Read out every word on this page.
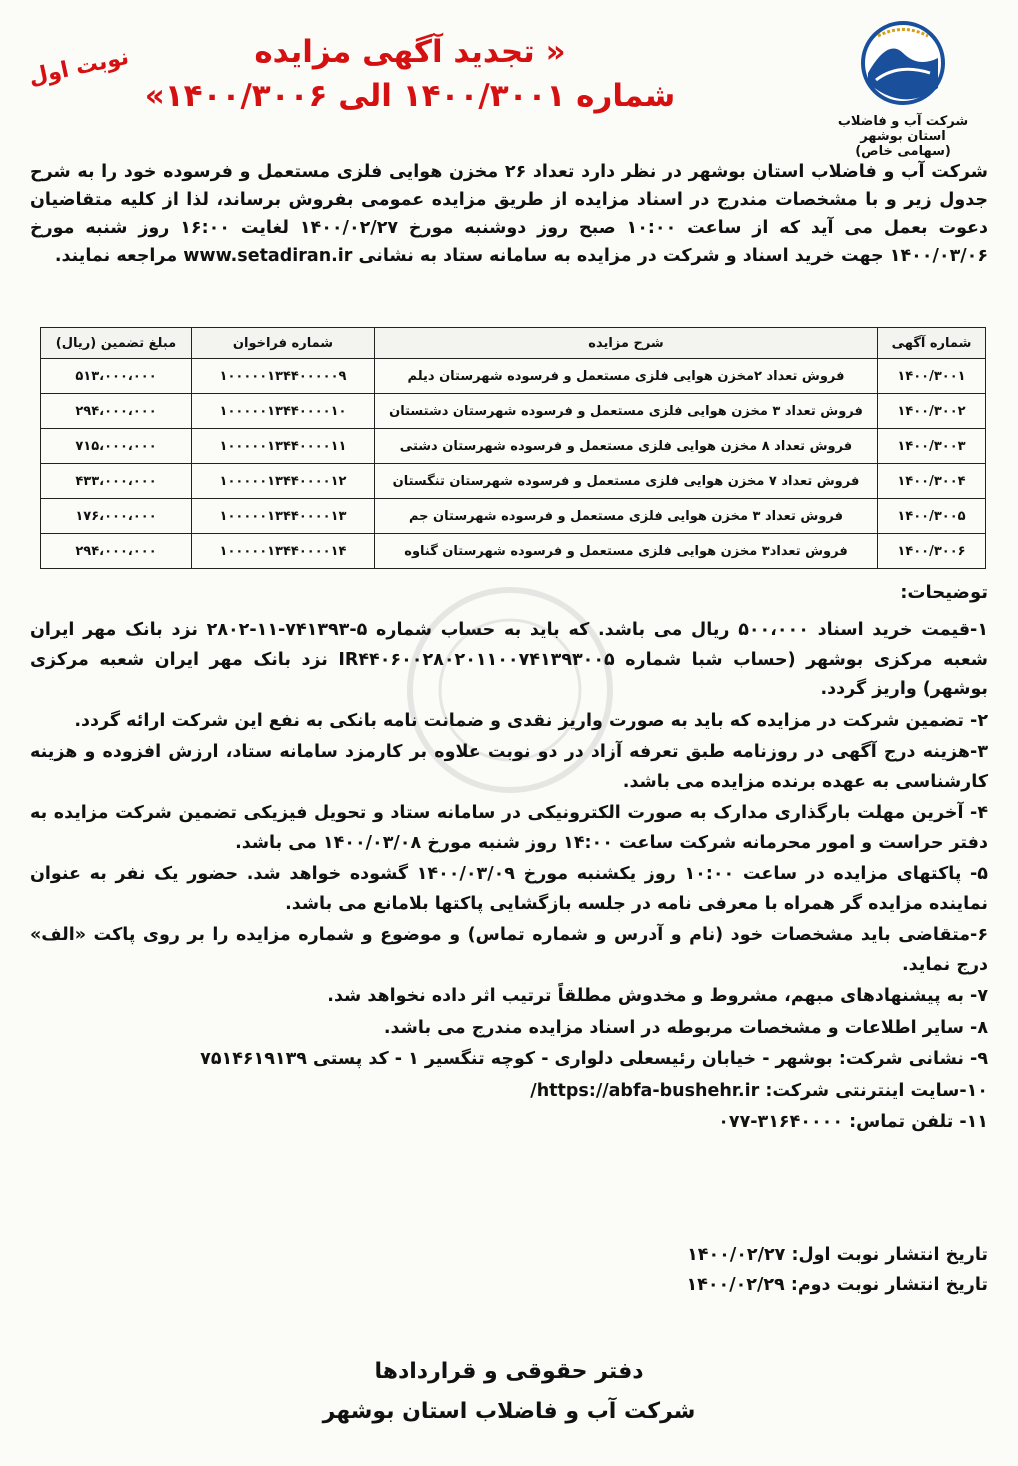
شرکت آب و فاضلاب استان بوشهر
(سهامی خاص)
« تجدید آگهی مزایده
شماره ۱۴۰۰/۳۰۰۱ الی ۱۴۰۰/۳۰۰۶»
نوبت اول
شرکت آب و فاضلاب استان بوشهر در نظر دارد تعداد ۲۶ مخزن هوایی فلزی مستعمل و فرسوده خود را به شرح جدول زیر و با مشخصات مندرج در اسناد مزایده از طریق مزایده عمومی بفروش برساند، لذا از کلیه متقاضیان دعوت بعمل می آید که از ساعت ۱۰:۰۰ صبح روز دوشنبه مورخ ۱۴۰۰/۰۲/۲۷ لغایت ۱۶:۰۰ روز شنبه مورخ ۱۴۰۰/۰۳/۰۶ جهت خرید اسناد و شرکت در مزایده به سامانه ستاد به نشانی www.setadiran.ir مراجعه نمایند.
شماره آگهی	شرح مزایده	شماره فراخوان	مبلغ تضمین (ریال)
۱۴۰۰/۳۰۰۱	فروش تعداد ۲مخزن هوایی فلزی مستعمل و فرسوده شهرستان دیلم	۱۰۰۰۰۰۱۳۴۴۰۰۰۰۰۹	۵۱۳،۰۰۰،۰۰۰
۱۴۰۰/۳۰۰۲	فروش تعداد ۳ مخزن هوایی فلزی مستعمل و فرسوده شهرستان دشتستان	۱۰۰۰۰۰۱۳۴۴۰۰۰۰۱۰	۲۹۴،۰۰۰،۰۰۰
۱۴۰۰/۳۰۰۳	فروش تعداد ۸ مخزن هوایی فلزی مستعمل و فرسوده شهرستان دشتی	۱۰۰۰۰۰۱۳۴۴۰۰۰۰۱۱	۷۱۵،۰۰۰،۰۰۰
۱۴۰۰/۳۰۰۴	فروش تعداد ۷ مخزن هوایی فلزی مستعمل و فرسوده شهرستان تنگستان	۱۰۰۰۰۰۱۳۴۴۰۰۰۰۱۲	۴۳۳،۰۰۰،۰۰۰
۱۴۰۰/۳۰۰۵	فروش تعداد ۳ مخزن هوایی فلزی مستعمل و فرسوده شهرستان جم	۱۰۰۰۰۰۱۳۴۴۰۰۰۰۱۳	۱۷۶،۰۰۰،۰۰۰
۱۴۰۰/۳۰۰۶	فروش تعداد۳ مخزن هوایی فلزی مستعمل و فرسوده شهرستان گناوه	۱۰۰۰۰۰۱۳۴۴۰۰۰۰۱۴	۲۹۴،۰۰۰،۰۰۰
توضیحات:

۱-قیمت خرید اسناد ۵۰۰،۰۰۰ ریال می باشد. که باید به حساب شماره ۵-۷۴۱۳۹۳-۱۱-۲۸۰۲ نزد بانک مهر ایران شعبه مرکزی بوشهر (حساب شبا شماره IR۴۴۰۶۰۰۲۸۰۲۰۱۱۰۰۷۴۱۳۹۳۰۰۵ نزد بانک مهر ایران شعبه مرکزی بوشهر) واریز گردد.

۲- تضمین شرکت در مزایده که باید به صورت واریز نقدی و ضمانت نامه بانکی به نفع این شرکت ارائه گردد.

۳-هزینه درج آگهی در روزنامه طبق تعرفه آزاد در دو نوبت علاوه بر کارمزد سامانه ستاد، ارزش افزوده و هزینه کارشناسی به عهده برنده مزایده می باشد.

۴- آخرین مهلت بارگذاری مدارک به صورت الکترونیکی در سامانه ستاد و تحویل فیزیکی تضمین شرکت مزایده به دفتر حراست و امور محرمانه شرکت ساعت ۱۴:۰۰ روز شنبه مورخ ۱۴۰۰/۰۳/۰۸ می باشد.

۵- پاکتهای مزایده در ساعت ۱۰:۰۰ روز یکشنبه مورخ ۱۴۰۰/۰۳/۰۹ گشوده خواهد شد. حضور یک نفر به عنوان نماینده مزایده گر همراه با معرفی نامه در جلسه بازگشایی پاکتها بلامانع می باشد.

۶-متقاضی باید مشخصات خود (نام و آدرس و شماره تماس) و موضوع و شماره مزایده را بر روی پاکت «الف» درج نماید.

۷- به پیشنهادهای مبهم، مشروط و مخدوش مطلقاً ترتیب اثر داده نخواهد شد.

۸- سایر اطلاعات و مشخصات مربوطه در اسناد مزایده مندرج می باشد.

۹- نشانی شرکت: بوشهر - خیابان رئیسعلی دلواری - کوچه تنگسیر ۱ - کد پستی ۷۵۱۴۶۱۹۱۳۹

۱۰-سایت اینترنتی شرکت: https://abfa-bushehr.ir/

۱۱- تلفن تماس: ۳۱۶۴۰۰۰۰-۰۷۷

تاریخ انتشار نوبت اول: ۱۴۰۰/۰۲/۲۷
تاریخ انتشار نوبت دوم: ۱۴۰۰/۰۲/۲۹
دفتر حقوقی و قراردادها
شرکت آب و فاضلاب استان بوشهر
